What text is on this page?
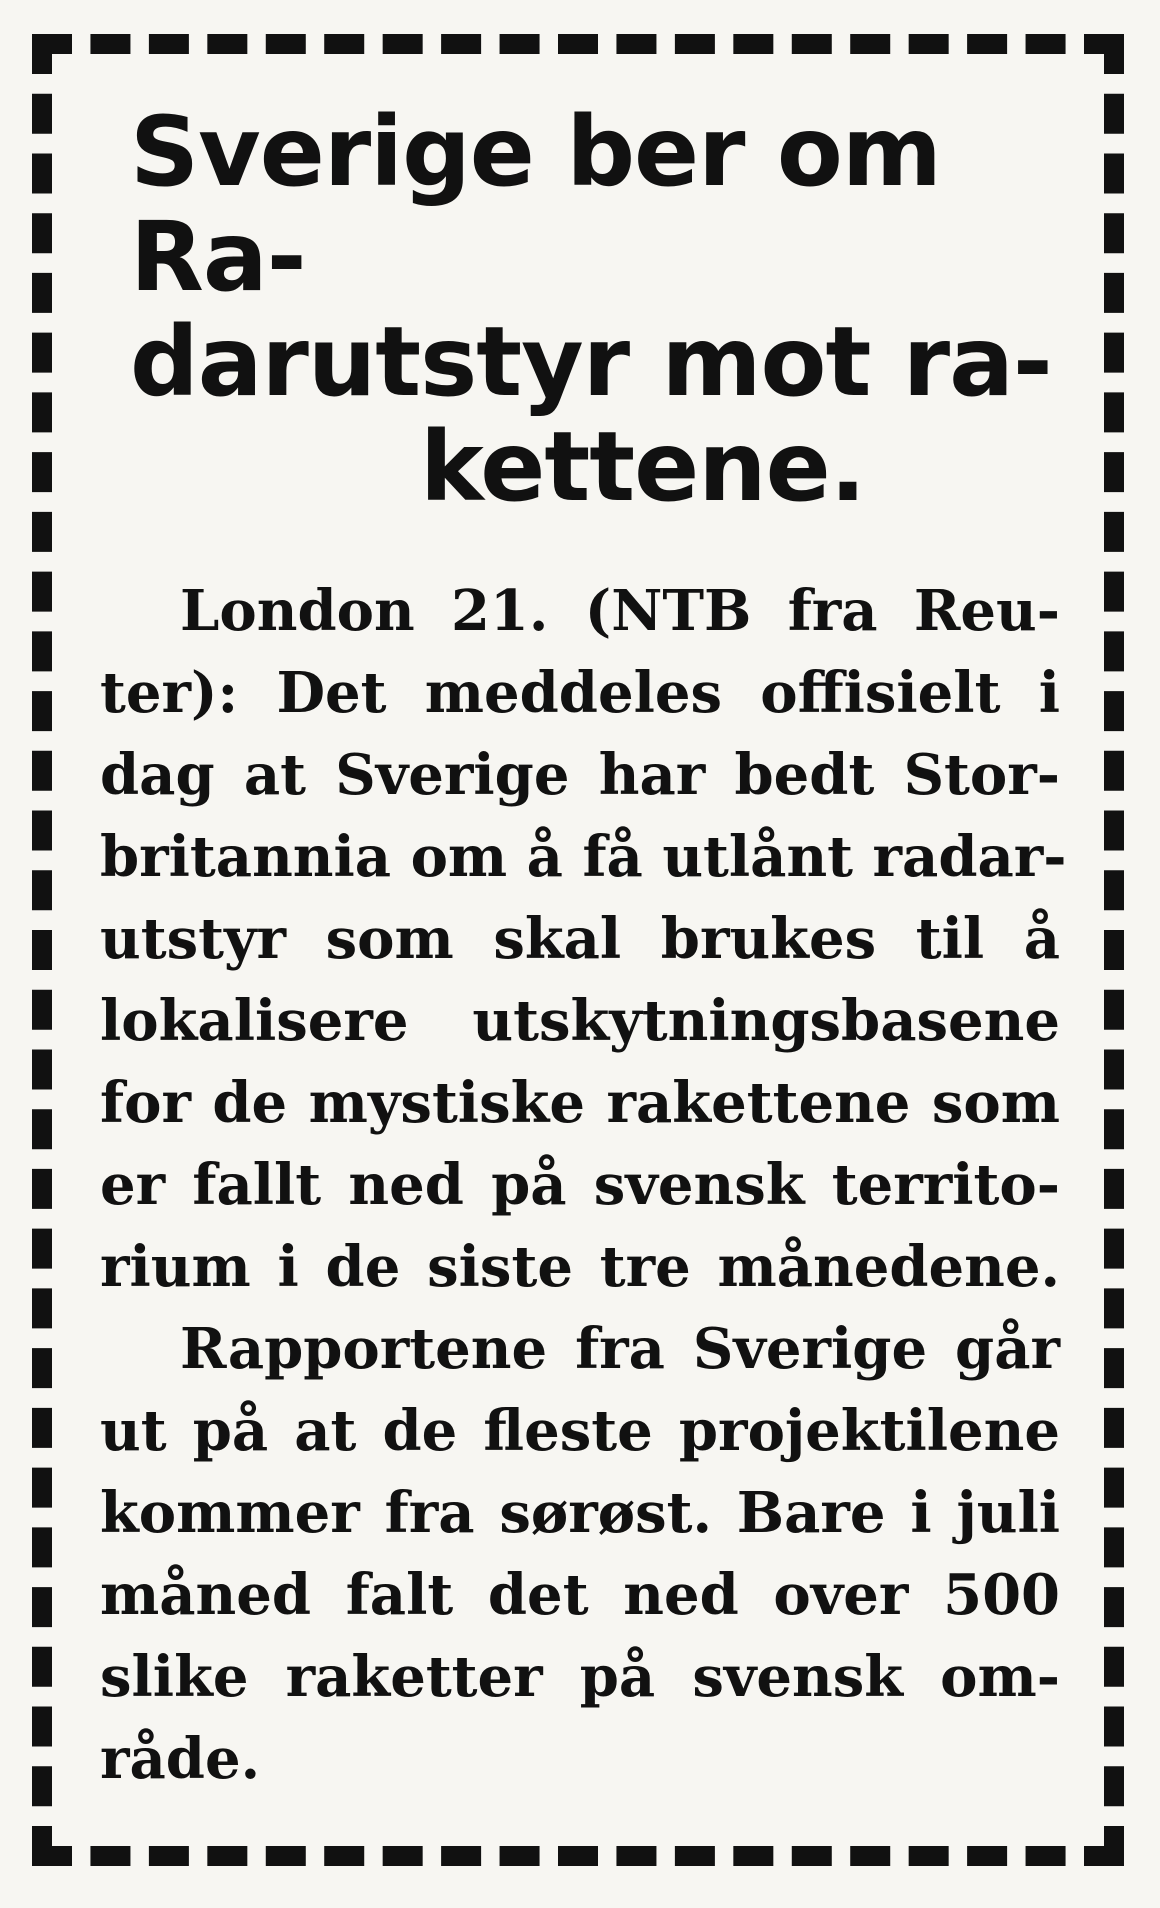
Sverige ber om Ra-
darutstyr mot ra-
kettene.
London 21. (NTB fra Reu-
ter): Det meddeles offisielt i
dag at Sverige har bedt Stor-
britannia om å få utlånt radar-
utstyr som skal brukes til å
lokalisere utskytningsbasene
for de mystiske rakettene som
er fallt ned på svensk territo-
rium i de siste tre månedene.
Rapportene fra Sverige går
ut på at de fleste projektilene
kommer fra sørøst. Bare i juli
måned falt det ned over 500
slike raketter på svensk om-
råde.
